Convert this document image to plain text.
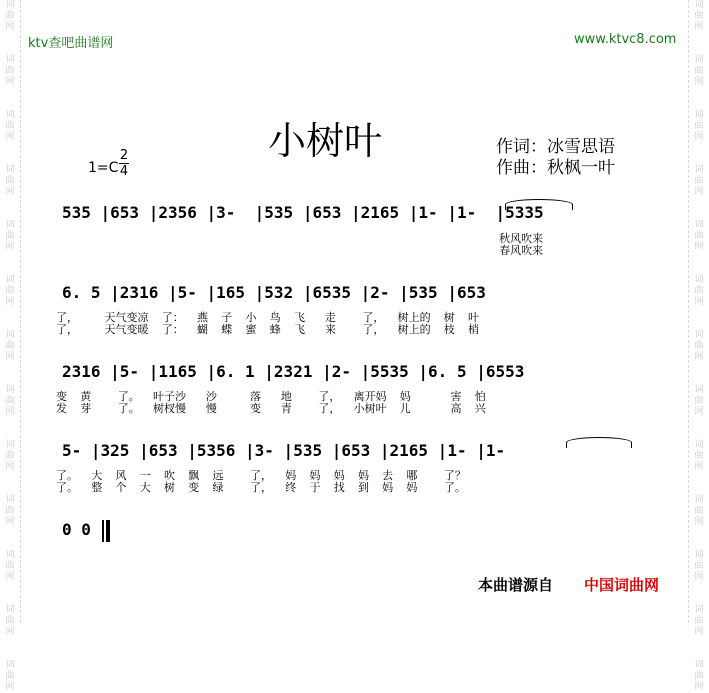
词
曲
网
词
曲
网
词
曲
网
词
曲
网
词
曲
网
词
曲
网
词
曲
网
词
曲
网
词
曲
网
词
曲
网
词
曲
网
词
曲
网
词
曲
网
词
曲
网
词
曲
网
词
曲
网
词
曲
网
词
曲
网
词
曲
网
词
曲
网
词
曲
网
词
曲
网
词
曲
网
词
曲
网
词
曲
网
词
曲
网
ktv查吧曲谱网	www.ktvc8.com
小树叶	作词：冰雪思语
作曲：秋枫一叶
1=C
2
4
535 |653 |2356 |3-  |535 |653 |2165 |1- |1-  |5335
秋风吹来
春风吹来
6. 5 |2316 |5- |165 |532 |6535 |2- |535 |653
了，    天气变凉  了：  燕  子  小  鸟  飞   走    了，  树上的  树  叶
了，    天气变暖  了：  蝴  蝶  蜜  蜂  飞   来    了，  树上的  枝  梢
2316 |5- |1165 |6. 1 |2321 |2- |5535 |6. 5 |6553
变  黄    了。  叶子沙   沙     落   地    了，  离开妈  妈      害  怕
发  芽    了。  树杈慢   慢     变   青    了，  小树叶  儿      高  兴
5- |325 |653 |5356 |3- |535 |653 |2165 |1- |1-
了。  大  风  一  吹  飘  远    了，  妈  妈  妈  妈  去  哪    了？
了。  整  个  大  树  变  绿    了，  终  于  找  到  妈  妈    了。
0 0
本曲谱源自 中国词曲网
